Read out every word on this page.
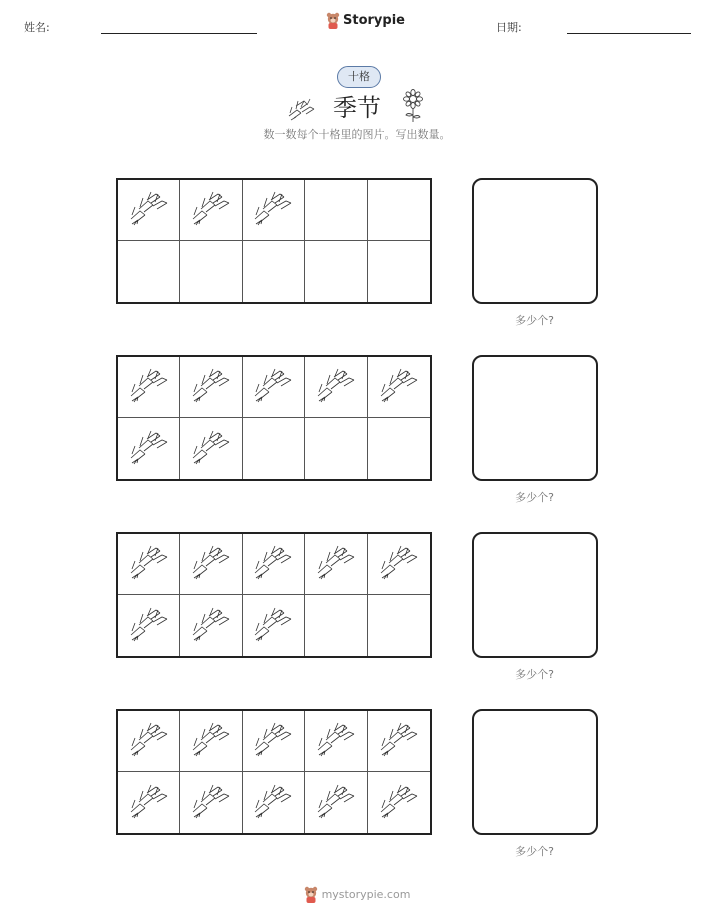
姓名:	Storypie	日期:
十格
季节
数一数每个十格里的图片。写出数量。
多少个?
多少个?
多少个?
多少个?
mystorypie.com
